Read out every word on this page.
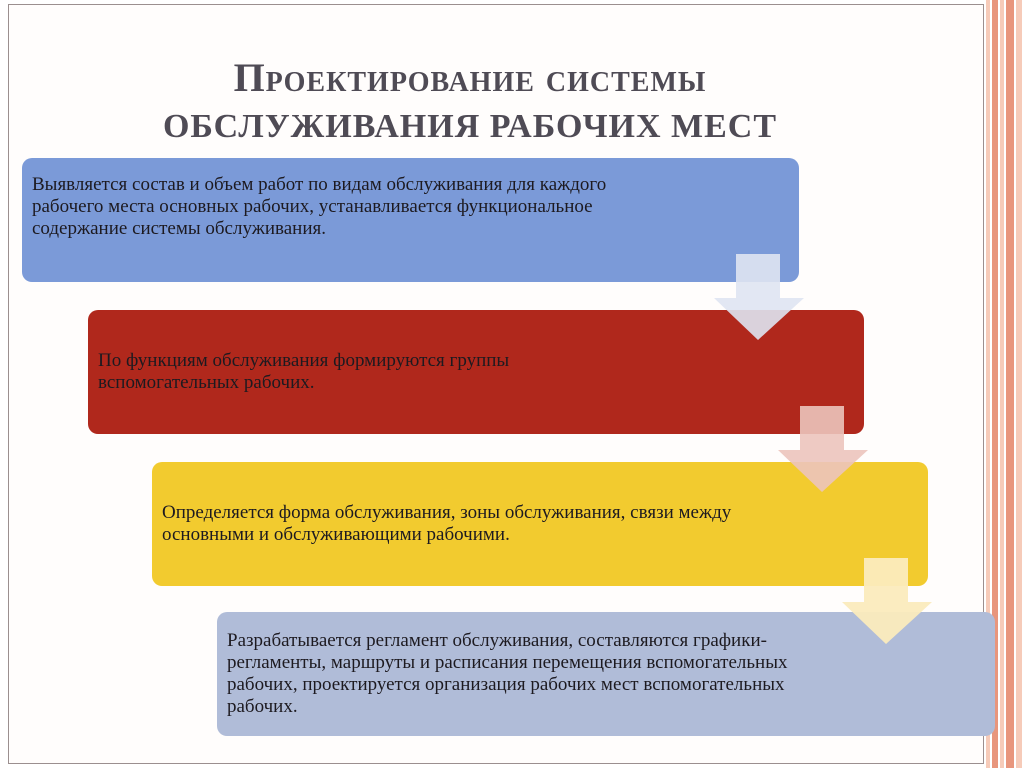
Проектирование системы
ОБСЛУЖИВАНИЯ РАБОЧИХ МЕСТ
Выявляется состав и объем работ по видам обслуживания для каждого рабочего места основных рабочих, устанавливается функциональное содержание системы обслуживания.
По функциям обслуживания формируются группы вспомогательных рабочих.
Определяется форма обслуживания, зоны обслуживания, связи между основными и обслуживающими рабочими.
Разрабатывается регламент обслуживания, составляются графики-регламенты, маршруты и расписания перемещения вспомогательных рабочих, проектируется организация рабочих мест вспомогательных рабочих.
